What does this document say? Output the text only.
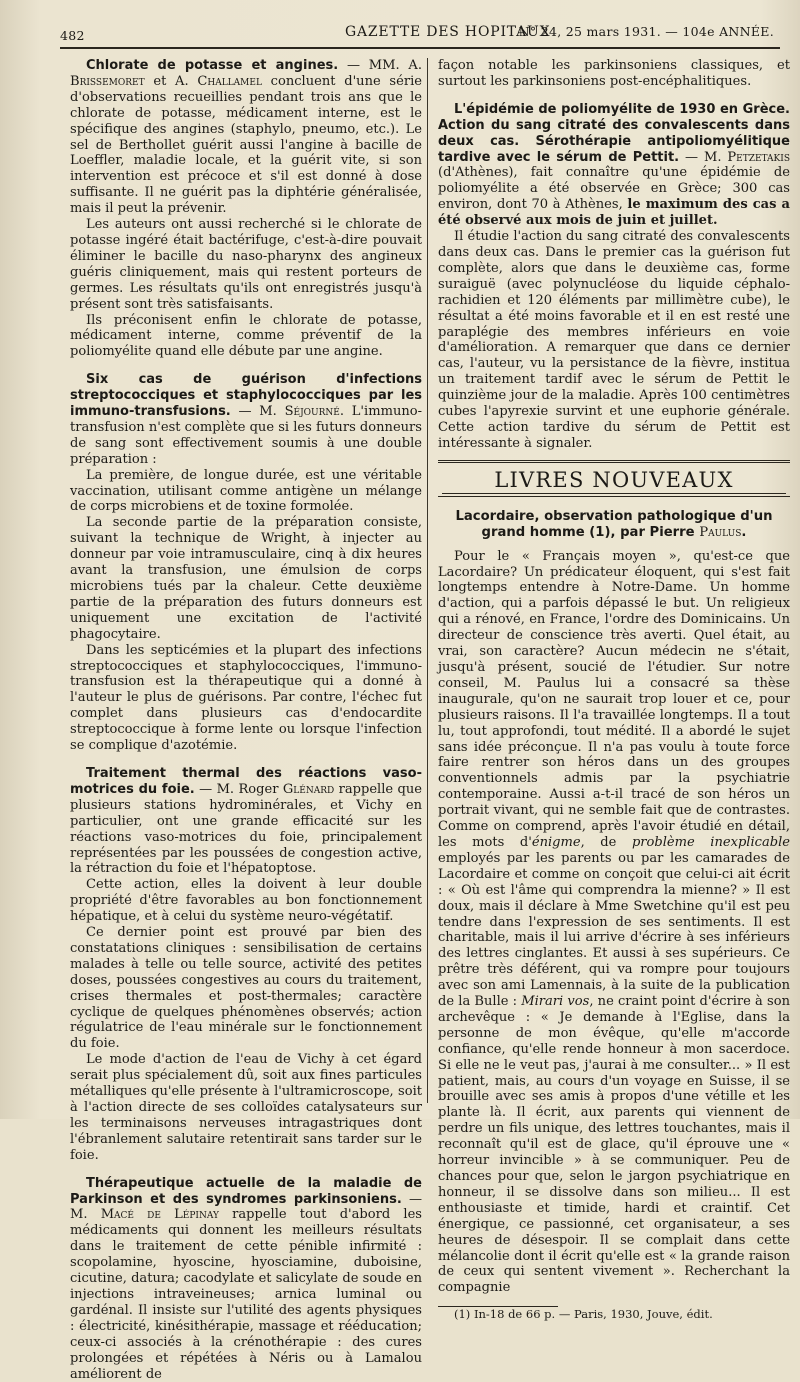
482	GAZETTE DES HOPITAUX
N° 24, 25 mars 1931. — 104e ANNÉE.

Chlorate de potasse et angines. — MM. A. Brissemoret et A. Challamel concluent d'une série d'observations recueillies pendant trois ans que le chlorate de potasse, médicament interne, est le spécifique des angines (staphylo, pneumo, etc.). Le sel de Berthollet guérit aussi l'angine à bacille de Loeffler, maladie locale, et la guérit vite, si son intervention est précoce et s'il est donné à dose suffisante. Il ne guérit pas la diphtérie généralisée, mais il peut la prévenir.

Les auteurs ont aussi recherché si le chlorate de potasse ingéré était bactérifuge, c'est-à-dire pouvait éliminer le bacille du naso-pharynx des angineux guéris cliniquement, mais qui restent porteurs de germes. Les résultats qu'ils ont enregistrés jusqu'à présent sont très satisfaisants.

Ils préconisent enfin le chlorate de potasse, médicament interne, comme préventif de la poliomyélite quand elle débute par une angine.

Six cas de guérison d'infections streptococciques et staphylococciques par les immuno-transfusions. — M. Séjourné. L'immuno-transfusion n'est complète que si les futurs donneurs de sang sont effectivement soumis à une double préparation :

La première, de longue durée, est une véritable vaccination, utilisant comme antigène un mélange de corps microbiens et de toxine formolée.

La seconde partie de la préparation consiste, suivant la technique de Wright, à injecter au donneur par voie intramusculaire, cinq à dix heures avant la transfusion, une émulsion de corps microbiens tués par la chaleur. Cette deuxième partie de la préparation des futurs donneurs est uniquement une excitation de l'activité phagocytaire.

Dans les septicémies et la plupart des infections streptococciques et staphylococciques, l'immuno-transfusion est la thérapeutique qui a donné à l'auteur le plus de guérisons. Par contre, l'échec fut complet dans plusieurs cas d'endocardite streptococcique à forme lente ou lorsque l'infection se complique d'azotémie.

Traitement thermal des réactions vaso-motrices du foie. — M. Roger Glénard rappelle que plusieurs stations hydrominérales, et Vichy en particulier, ont une grande efficacité sur les réactions vaso-motrices du foie, principalement représentées par les poussées de congestion active, la rétraction du foie et l'hépatoptose.

Cette action, elles la doivent à leur double propriété d'être favorables au bon fonctionnement hépatique, et à celui du système neuro-végétatif.

Ce dernier point est prouvé par bien des constatations cliniques : sensibilisation de certains malades à telle ou telle source, activité des petites doses, poussées congestives au cours du traitement, crises thermales et post-thermales; caractère cyclique de quelques phénomènes observés; action régulatrice de l'eau minérale sur le fonctionnement du foie.

Le mode d'action de l'eau de Vichy à cet égard serait plus spécialement dû, soit aux fines particules métalliques qu'elle présente à l'ultramicroscope, soit à l'action directe de ses colloïdes catalysateurs sur les terminaisons nerveuses intragastriques dont l'ébranlement salutaire retentirait sans tarder sur le foie.

Thérapeutique actuelle de la maladie de Parkinson et des syndromes parkinsoniens. — M. Macé de Lépinay rappelle tout d'abord les médicaments qui donnent les meilleurs résultats dans le traitement de cette pénible infirmité : scopolamine, hyoscine, hyosciamine, duboisine, cicutine, datura; cacodylate et salicylate de soude en injections intraveineuses; arnica luminal ou gardénal. Il insiste sur l'utilité des agents physiques : électricité, kinésithérapie, massage et rééducation; ceux-ci associés à la crénothérapie : des cures prolongées et répétées à Néris ou à Lamalou améliorent de

façon notable les parkinsoniens classiques, et surtout les parkinsoniens post-encéphalitiques.

L'épidémie de poliomyélite de 1930 en Grèce. Action du sang citraté des convalescents dans deux cas. Sérothérapie antipoliomyélitique tardive avec le sérum de Pettit. — M. Petzetakis (d'Athènes), fait connaître qu'une épidémie de poliomyélite a été observée en Grèce; 300 cas environ, dont 70 à Athènes, le maximum des cas a été observé aux mois de juin et juillet.

Il étudie l'action du sang citraté des convalescents dans deux cas. Dans le premier cas la guérison fut complète, alors que dans le deuxième cas, forme suraiguë (avec polynucléose du liquide céphalo-rachidien et 120 éléments par millimètre cube), le résultat a été moins favorable et il en est resté une paraplégie des membres inférieurs en voie d'amélioration. A remarquer que dans ce dernier cas, l'auteur, vu la persistance de la fièvre, institua un traitement tardif avec le sérum de Pettit le quinzième jour de la maladie. Après 100 centimètres cubes l'apyrexie survint et une euphorie générale. Cette action tardive du sérum de Pettit est intéressante à signaler.

LIVRES NOUVEAUX
Lacordaire, observation pathologique d'un grand homme (1), par Pierre Paulus.

Pour le « Français moyen », qu'est-ce que Lacordaire? Un prédicateur éloquent, qui s'est fait longtemps entendre à Notre-Dame. Un homme d'action, qui a parfois dépassé le but. Un religieux qui a rénové, en France, l'ordre des Dominicains. Un directeur de conscience très averti. Quel était, au vrai, son caractère? Aucun médecin ne s'était, jusqu'à présent, soucié de l'étudier. Sur notre conseil, M. Paulus lui a consacré sa thèse inaugurale, qu'on ne saurait trop louer et ce, pour plusieurs raisons. Il l'a travaillée longtemps. Il a tout lu, tout approfondi, tout médité. Il a abordé le sujet sans idée préconçue. Il n'a pas voulu à toute force faire rentrer son héros dans un des groupes conventionnels admis par la psychiatrie contemporaine. Aussi a-t-il tracé de son héros un portrait vivant, qui ne semble fait que de contrastes. Comme on comprend, après l'avoir étudié en détail, les mots d'énigme, de problème inexplicable employés par les parents ou par les camarades de Lacordaire et comme on conçoit que celui-ci ait écrit : « Où est l'âme qui comprendra la mienne? » Il est doux, mais il déclare à Mme Swetchine qu'il est peu tendre dans l'expression de ses sentiments. Il est charitable, mais il lui arrive d'écrire à ses inférieurs des lettres cinglantes. Et aussi à ses supérieurs. Ce prêtre très déférent, qui va rompre pour toujours avec son ami Lamennais, à la suite de la publication de la Bulle : Mirari vos, ne craint point d'écrire à son archevêque : « Je demande à l'Eglise, dans la personne de mon évêque, qu'elle m'accorde confiance, qu'elle rende honneur à mon sacerdoce. Si elle ne le veut pas, j'aurai à me consulter... » Il est patient, mais, au cours d'un voyage en Suisse, il se brouille avec ses amis à propos d'une vétille et les plante là. Il écrit, aux parents qui viennent de perdre un fils unique, des lettres touchantes, mais il reconnaît qu'il est de glace, qu'il éprouve une « horreur invincible » à se communiquer. Peu de chances pour que, selon le jargon psychiatrique en honneur, il se dissolve dans son milieu... Il est enthousiaste et timide, hardi et craintif. Cet énergique, ce passionné, cet organisateur, a ses heures de désespoir. Il se complait dans cette mélancolie dont il écrit qu'elle est « la grande raison de ceux qui sentent vivement ». Recherchant la compagnie

(1) In-18 de 66 p. — Paris, 1930, Jouve, édit.
